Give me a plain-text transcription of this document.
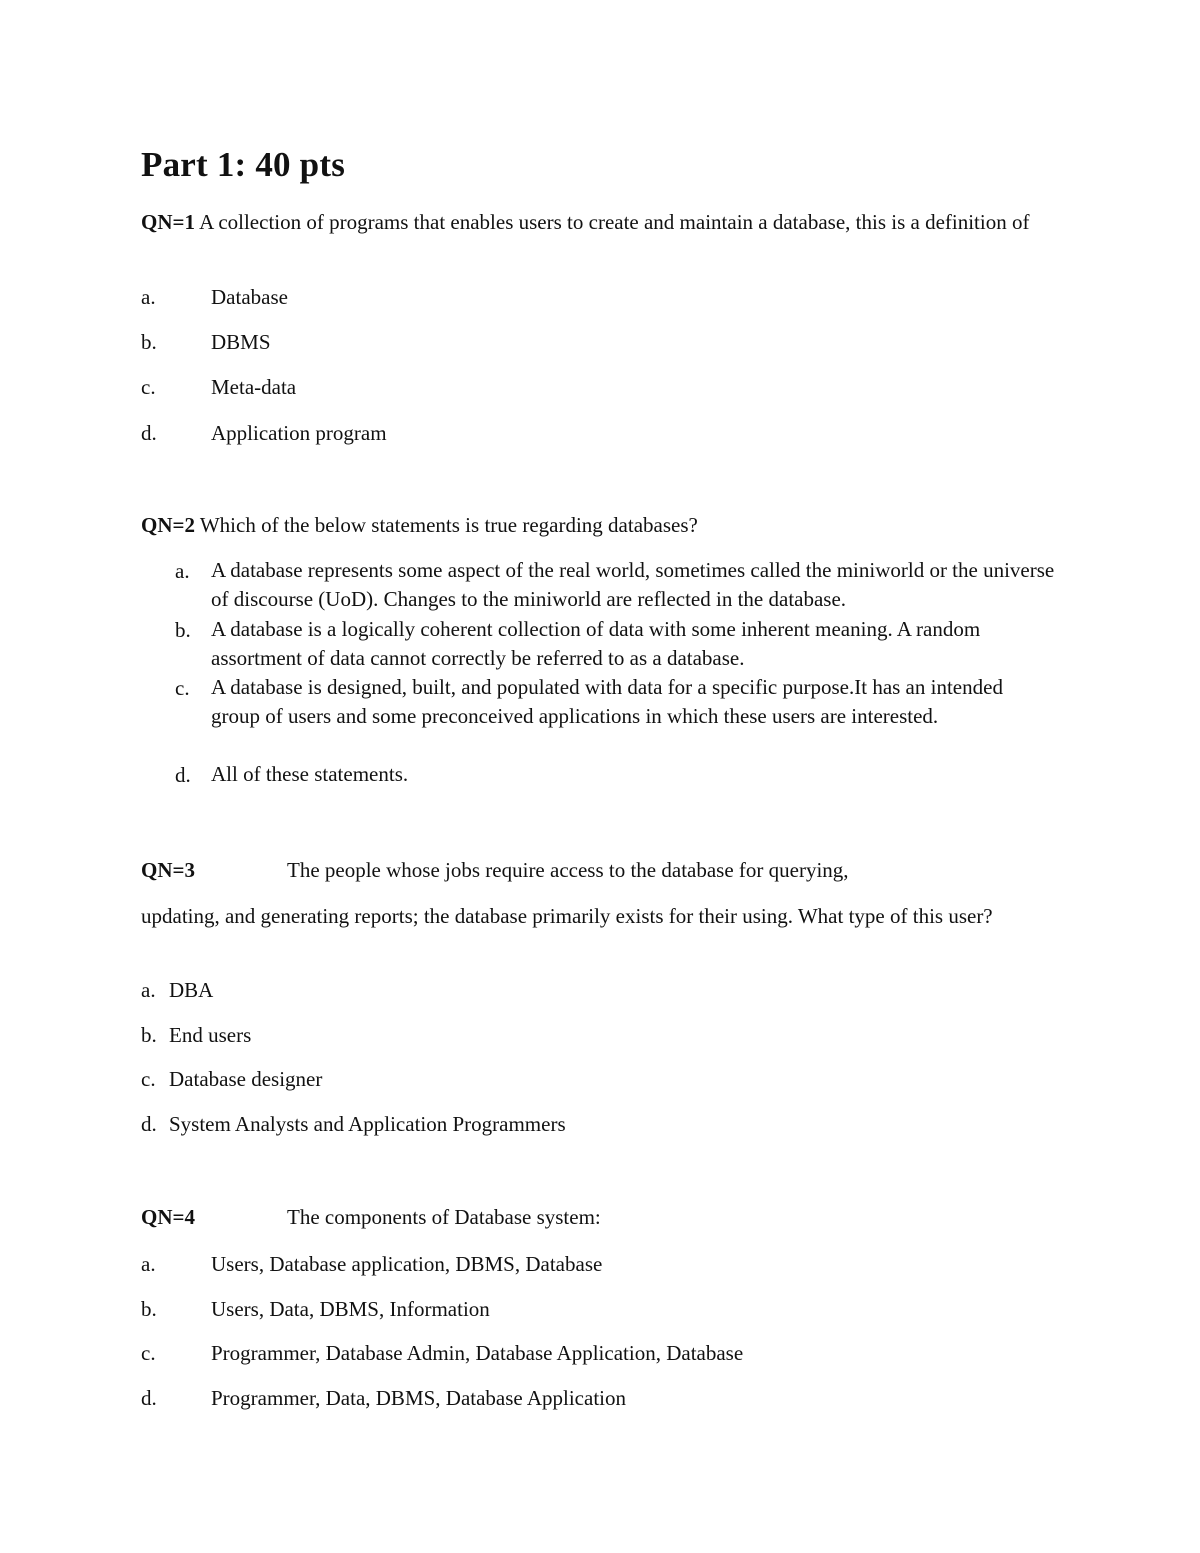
Part 1: 40 pts
QN=1 A collection of programs that enables users to create and maintain a database, this is a definition of
a.	Database
b.	DBMS
c.	Meta-data
d.	Application program
QN=2 Which of the below statements is true regarding databases?
a. A database represents some aspect of the real world, sometimes called the miniworld or the universe of discourse (UoD). Changes to the miniworld are reflected in the database.
b. A database is a logically coherent collection of data with some inherent meaning. A random assortment of data cannot correctly be referred to as a database.
c. A database is designed, built, and populated with data for a specific purpose.It has an intended group of users and some preconceived applications in which these users are interested.
d. All of these statements.
QN=3	The people whose jobs require access to the database for querying,
updating, and generating reports; the database primarily exists for their using. What type of this user?
a. DBA
b. End users
c. Database designer
d. System Analysts and Application Programmers
QN=4	The components of Database system:
a.	Users, Database application, DBMS, Database
b.	Users, Data, DBMS, Information
c.	Programmer, Database Admin, Database Application, Database
d.	Programmer, Data, DBMS, Database Application
